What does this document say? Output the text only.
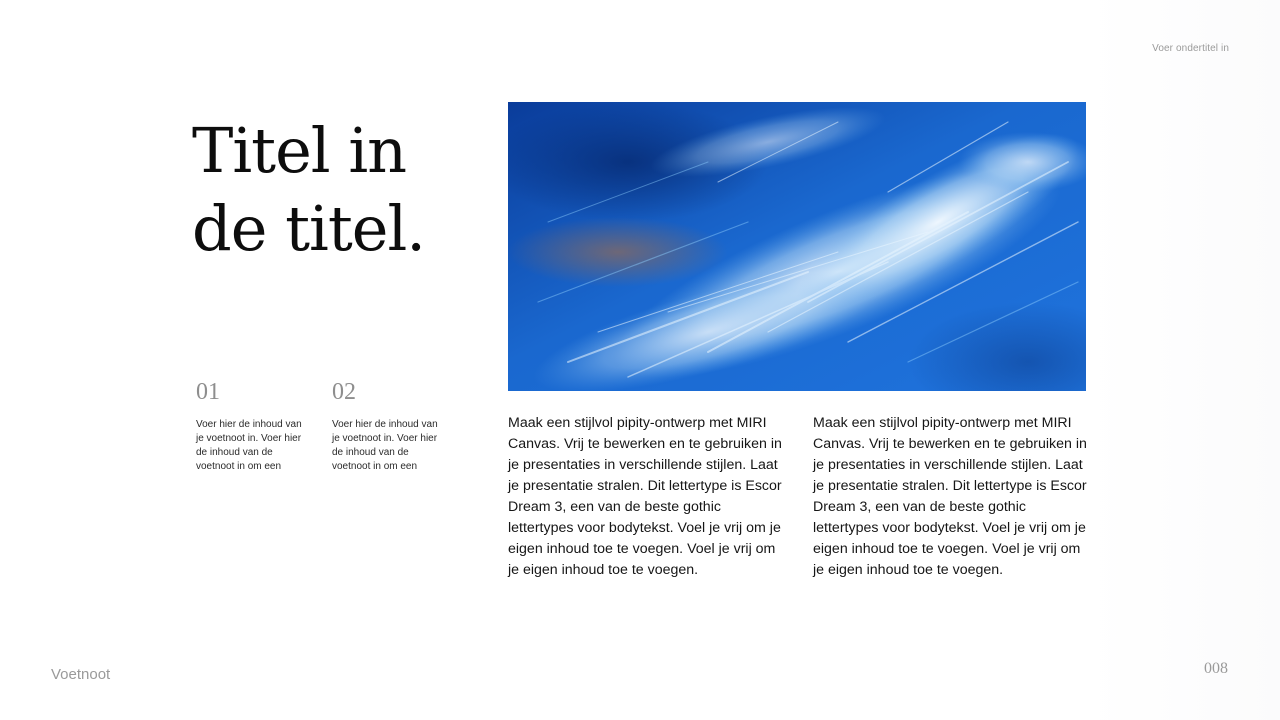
Voer ondertitel in
Titel in
de titel.

01

Voer hier de inhoud van je voetnoot in. Voer hier de inhoud van de voetnoot in om een

02

Voer hier de inhoud van je voetnoot in. Voer hier de inhoud van de voetnoot in om een

Maak een stijlvol pipity-ontwerp met MIRI Canvas. Vrij te bewerken en te gebruiken in je presentaties in verschillende stijlen. Laat je presentatie stralen. Dit lettertype is Escor Dream 3, een van de beste gothic lettertypes voor bodytekst. Voel je vrij om je eigen inhoud toe te voegen. Voel je vrij om je eigen inhoud toe te voegen.

Maak een stijlvol pipity-ontwerp met MIRI Canvas. Vrij te bewerken en te gebruiken in je presentaties in verschillende stijlen. Laat je presentatie stralen. Dit lettertype is Escor Dream 3, een van de beste gothic lettertypes voor bodytekst. Voel je vrij om je eigen inhoud toe te voegen. Voel je vrij om je eigen inhoud toe te voegen.

Voetnoot	008
